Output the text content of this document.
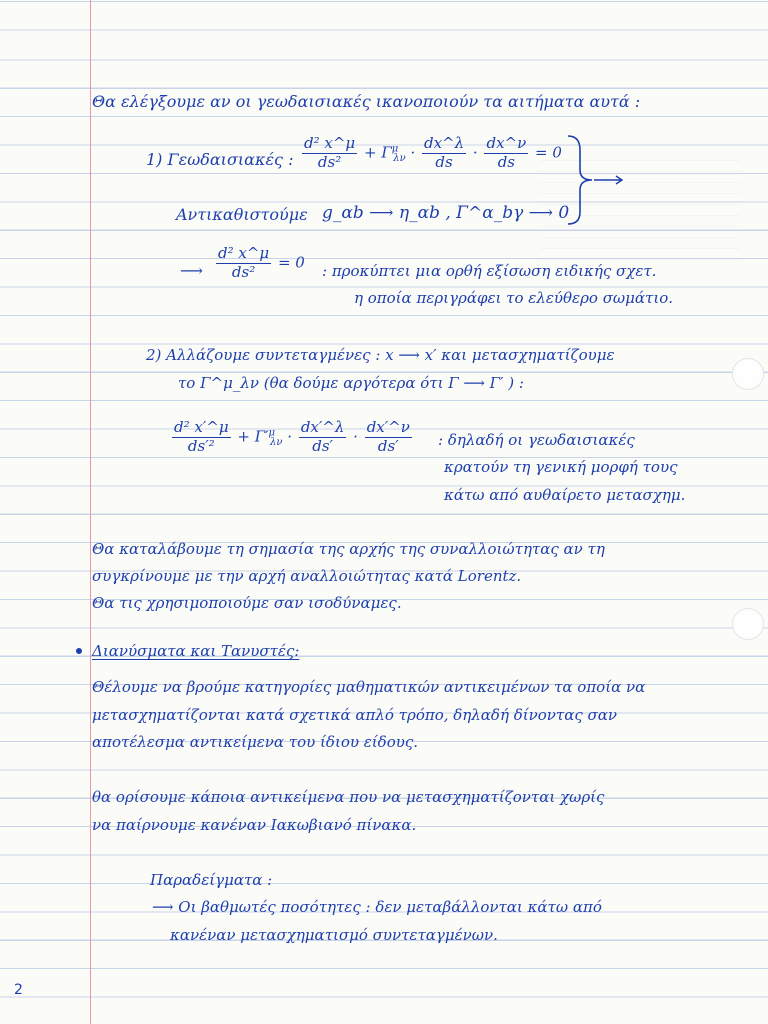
Θα ελέγξουμε αν οι γεωδαισιακές ικανοποιούν τα αιτήματα αυτά :
1) Γεωδαισιακές : $\frac{\text{d² x\textasciicircum{}μ}}{\text{ds²}} + \Gamma^\mu_{\lambda\nu} \cdot \frac{dx\^{}\lambda}{ds} \cdot \frac{dx\^{}\nu}{ds} = 0$
Αντικαθιστούμε g_αb ⟶ η_αb , Γ^α_bγ ⟶ 0
⟶ $\frac{\text{d² x\textasciicircum{}μ}}{\text{ds²}} = 0$ : προκύπτει μια ορθή εξίσωση ειδικής σχετ.
η οποία περιγράφει το ελεύθερο σωμάτιο.
2) Αλλάζουμε συντεταγμένες : x ⟶ x′ και μετασχηματίζουμε
το Γ^μ_λν (θα δούμε αργότερα ότι Γ ⟶ Γ′ ) :
$\frac{\text{d² x′\textasciicircum{}μ}}{\text{ds′²}} + \Gamma'^\mu_{\lambda\nu} \cdot \frac{dx'\^{}\lambda}{ds'} \cdot \frac{dx'\^{}\nu}{ds'}$ : δηλαδή οι γεωδαισιακές
κρατούν τη γενική μορφή τους
κάτω από αυθαίρετο μετασχημ.
Θα καταλάβουμε τη σημασία της αρχής της συναλλοιώτητας αν τη
συγκρίνουμε με την αρχή αναλλοιώτητας κατά Lorentz.
Θα τις χρησιμοποιούμε σαν ισοδύναμες.
Διανύσματα και Τανυστές:
Θέλουμε να βρούμε κατηγορίες μαθηματικών αντικειμένων τα οποία να
μετασχηματίζονται κατά σχετικά απλό τρόπο, δηλαδή δίνοντας σαν
αποτέλεσμα αντικείμενα του ίδιου είδους.
θα ορίσουμε κάποια αντικείμενα που να μετασχηματίζονται χωρίς
να παίρνουμε κανέναν Ιακωβιανό πίνακα.
Παραδείγματα :
⟶ Οι βαθμωτές ποσότητες : δεν μεταβάλλονται κάτω από
κανέναν μετασχηματισμό συντεταγμένων.
2
